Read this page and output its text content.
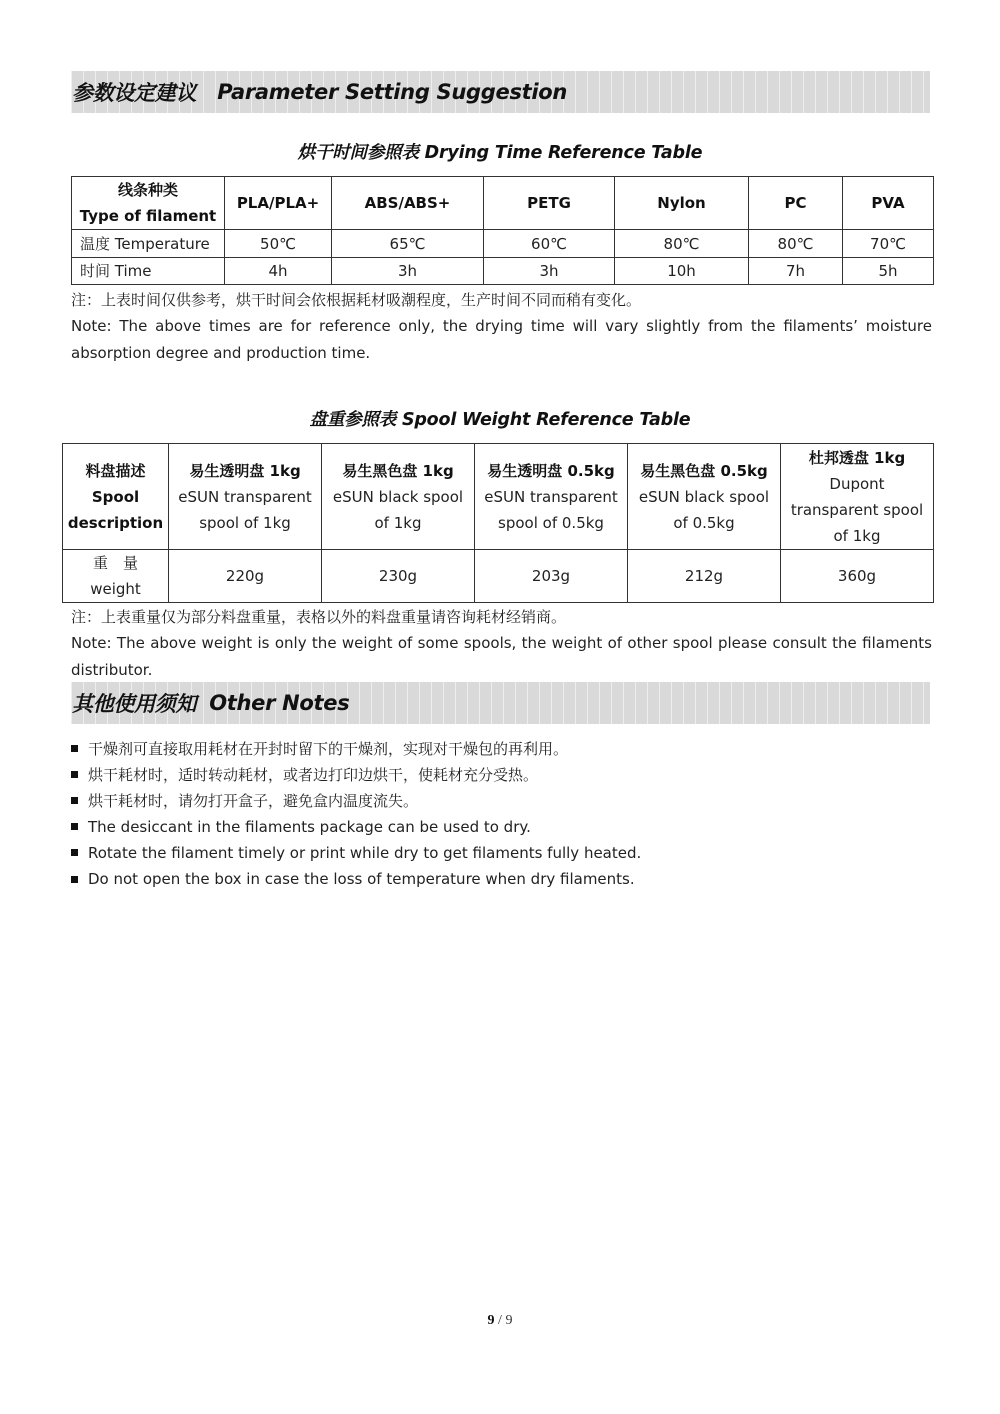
参数设定建议 Parameter Setting Suggestion
烘干时间参照表 Drying Time Reference Table
线条种类
Type of filament	PLA/PLA+	ABS/ABS+	PETG	Nylon	PC	PVA
温度 Temperature	50℃	65℃	60℃	80℃	80℃	70℃
时间 Time	4h	3h	3h	10h	7h	5h
注：上表时间仅供参考，烘干时间会依根据耗材吸潮程度，生产时间不同而稍有变化。
Note: The above times are for reference only, the drying time will vary slightly from the filaments’ moisture absorption degree and production time.
盘重参照表 Spool Weight Reference Table
料盘描述
Spool
description	易生透明盘 1kg
eSUN transparent
spool of 1kg	易生黑色盘 1kg
eSUN black spool
of 1kg	易生透明盘 0.5kg
eSUN transparent
spool of 0.5kg	易生黑色盘 0.5kg
eSUN black spool
of 0.5kg	杜邦透盘 1kg
Dupont
transparent spool
of 1kg

重　量
weight	220g	230g	203g	212g	360g
注：上表重量仅为部分料盘重量，表格以外的料盘重量请咨询耗材经销商。
Note: The above weight is only the weight of some spools, the weight of other spool please consult the filaments distributor.
其他使用须知 Other Notes
干燥剂可直接取用耗材在开封时留下的干燥剂，实现对干燥包的再利用。
烘干耗材时，适时转动耗材，或者边打印边烘干，使耗材充分受热。
烘干耗材时，请勿打开盒子，避免盒内温度流失。
The desiccant in the filaments package can be used to dry.
Rotate the filament timely or print while dry to get filaments fully heated.
Do not open the box in case the loss of temperature when dry filaments.
9 / 9
